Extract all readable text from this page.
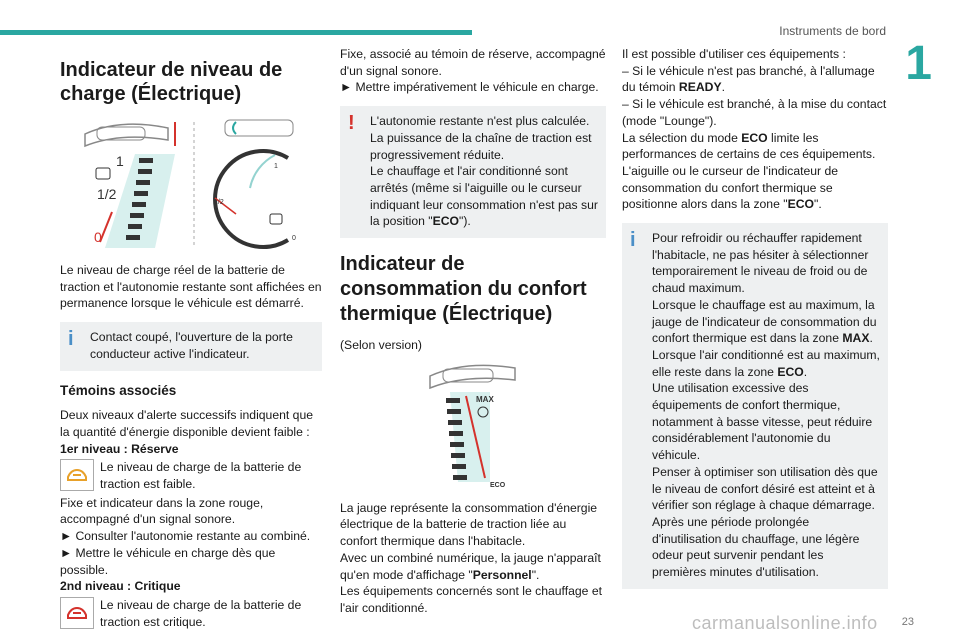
Instruments de bord
1
23
carmanualsonline.info
Indicateur de niveau de charge (Électrique)
1
1/2
0
1/2
1
0

Le niveau de charge réel de la batterie de traction et l'autonomie restante sont affichées en permanence lorsque le véhicule est démarré.

i Contact coupé, l'ouverture de la porte conducteur active l'indicateur.
Témoins associés

Deux niveaux d'alerte successifs indiquent que la quantité d'énergie disponible devient faible :

1er niveau : Réserve

Le niveau de charge de la batterie de traction est faible.

Fixe et indicateur dans la zone rouge, accompagné d'un signal sonore.

► Consulter l'autonomie restante au combiné.

► Mettre le véhicule en charge dès que possible.

2nd niveau : Critique

Le niveau de charge de la batterie de traction est critique.

Fixe, associé au témoin de réserve, accompagné d'un signal sonore.

► Mettre impérativement le véhicule en charge.

! L'autonomie restante n'est plus calculée.
La puissance de la chaîne de traction est progressivement réduite.
Le chauffage et l'air conditionné sont arrêtés (même si l'aiguille ou le curseur indiquant leur consommation n'est pas sur la position "ECO").
Indicateur de consommation du confort thermique (Électrique)

(Selon version)

MAX
ECO

La jauge représente la consommation d'énergie électrique de la batterie de traction liée au confort thermique dans l'habitacle.

Avec un combiné numérique, la jauge n'apparaît qu'en mode d'affichage "Personnel".

Les équipements concernés sont le chauffage et l'air conditionné.

Il est possible d'utiliser ces équipements :

– Si le véhicule n'est pas branché, à l'allumage du témoin READY.

– Si le véhicule est branché, à la mise du contact (mode "Lounge").

La sélection du mode ECO limite les performances de certains de ces équipements.

L'aiguille ou le curseur de l'indicateur de consommation du confort thermique se positionne alors dans la zone "ECO".

i Pour refroidir ou réchauffer rapidement l'habitacle, ne pas hésiter à sélectionner temporairement le niveau de froid ou de chaud maximum.
Lorsque le chauffage est au maximum, la jauge de l'indicateur de consommation du confort thermique est dans la zone MAX.
Lorsque l'air conditionné est au maximum, elle reste dans la zone ECO.
Une utilisation excessive des équipements de confort thermique, notamment à basse vitesse, peut réduire considérablement l'autonomie du véhicule.
Penser à optimiser son utilisation dès que le niveau de confort désiré est atteint et à vérifier son réglage à chaque démarrage.
Après une période prolongée d'inutilisation du chauffage, une légère odeur peut survenir pendant les premières minutes d'utilisation.
